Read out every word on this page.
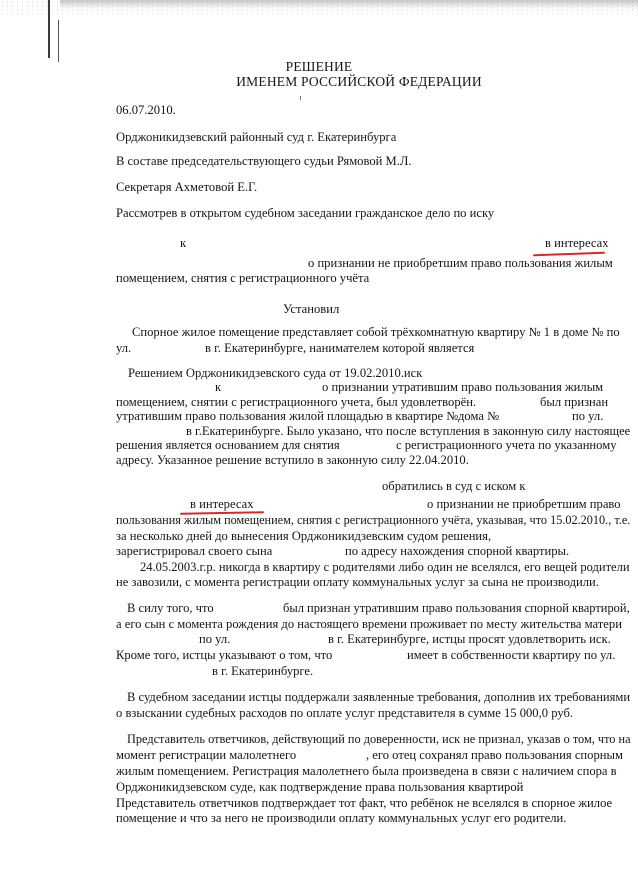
РЕШЕНИЕ
ИМЕНЕМ РОССИЙСКОЙ ФЕДЕРАЦИИ
06.07.2010.
Орджоникидзевский районный суд г. Екатеринбурга
В составе председательствующего судьи Рямовой М.Л.
Секретаря Ахметовой Е.Г.
Рассмотрев в открытом судебном заседании гражданское дело по иску
к	в интересах
о признании не приобретшим право пользования жилым
помещением, снятия с регистрационного учёта
Установил
Спорное жилое помещение представляет собой трёхкомнатную квартиру № 1 в доме № по
ул.	в г. Екатеринбурге, нанимателем которой является
Решением Орджоникидзевского суда от 19.02.2010.иск
к	о признании утратившим право пользования жилым
помещением, снятии с регистрационного учета, был удовлетворён.	был признан
утратившим право пользования жилой площадью в квартире № дома №	по ул.
в г.Екатеринбурге. Было указано, что после вступления в законную силу настоящее
решения является основанием для снятия	с регистрационного учета по указанному
адресу. Указанное решение вступило в законную силу 22.04.2010.
обратились в суд с иском к
в интересах	о признании не приобретшим право
пользования жилым помещением, снятия с регистрационного учёта, указывая, что 15.02.2010., т.е.
за несколько дней до вынесения Орджоникидзевским судом решения,
зарегистрировал своего сына	по адресу нахождения спорной квартиры.
24.05.2003.г.р. никогда в квартиру с родителями либо один не вселялся, его вещей родители
не завозили, с момента регистрации оплату коммунальных услуг за сына не производили.
В силу того, что	был признан утратившим право пользования спорной квартирой,
а его сын с момента рождения до настоящего времени проживает по месту жительства матери
по ул.	в г. Екатеринбурге, истцы просят удовлетворить иск.
Кроме того, истцы указывают о том, что	имеет в собственности квартиру по ул.
в г. Екатеринбурге.
В судебном заседании истцы поддержали заявленные требования, дополнив их требованиями
о взыскании судебных расходов по оплате услуг представителя в сумме 15 000,0 руб.
Представитель ответчиков, действующий по доверенности, иск не признал, указав о том, что на
момент регистрации малолетнего	, его отец сохранял право пользования спорным
жилым помещением. Регистрация малолетнего была произведена в связи с наличием спора в
Орджоникидзевском суде, как подтверждение права пользования квартирой
Представитель ответчиков подтверждает тот факт, что ребёнок не вселялся в спорное жилое
помещение и что за него не производили оплату коммунальных услуг его родители.
